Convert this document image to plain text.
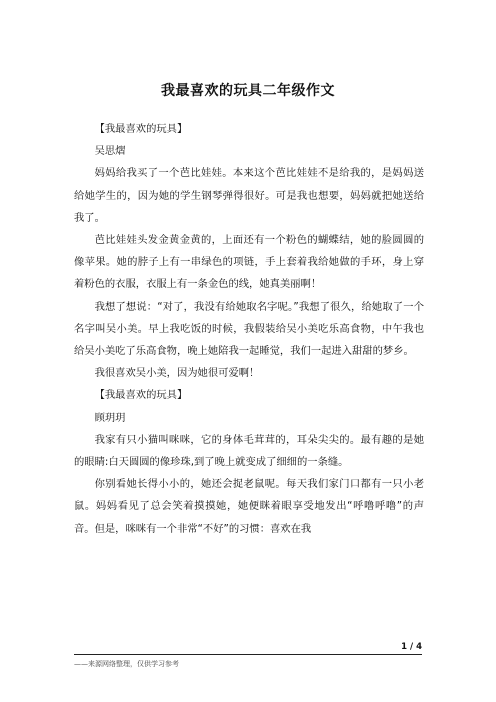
我最喜欢的玩具二年级作文

【我最喜欢的玩具】

吴思熠

妈妈给我买了一个芭比娃娃。本来这个芭比娃娃不是给我的，是妈妈送给她学生的，因为她的学生钢琴弹得很好。可是我也想要，妈妈就把她送给我了。

芭比娃娃头发金黄金黄的，上面还有一个粉色的蝴蝶结，她的脸圆圆的像苹果。她的脖子上有一串绿色的项链，手上套着我给她做的手环，身上穿着粉色的衣服，衣服上有一条金色的线，她真美丽啊！

我想了想说：“对了，我没有给她取名字呢。”我想了很久，给她取了一个名字叫吴小美。早上我吃饭的时候，我假装给吴小美吃乐高食物，中午我也给吴小美吃了乐高食物，晚上她陪我一起睡觉，我们一起进入甜甜的梦乡。

我很喜欢吴小美，因为她很可爱啊！

【我最喜欢的玩具】

顾玥玥

我家有只小猫叫咪咪，它的身体毛茸茸的，耳朵尖尖的。最有趣的是她的眼睛:白天圆圆的像珍珠,到了晚上就变成了细细的一条缝。

你别看她长得小小的，她还会捉老鼠呢。每天我们家门口都有一只小老鼠。妈妈看见了总会笑着摸摸她，她便眯着眼享受地发出“呼噜呼噜”的声音。但是，咪咪有一个非常“不好”的习惯：喜欢在我

1 / 4
——来源网络整理，仅供学习参考
